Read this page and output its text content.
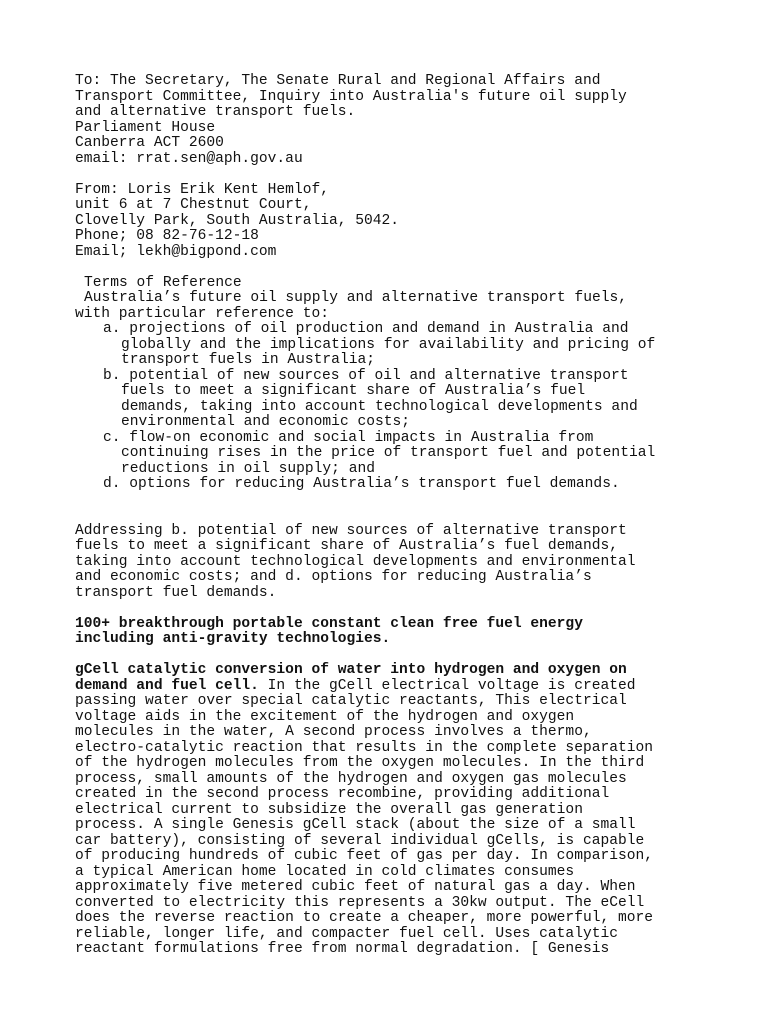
To: The Secretary, The Senate Rural and Regional Affairs and
Transport Committee, Inquiry into Australia's future oil supply
and alternative transport fuels.
Parliament House
Canberra ACT 2600
email: rrat.sen@aph.gov.au
From: Loris Erik Kent Hemlof,
unit 6 at 7 Chestnut Court,
Clovelly Park, South Australia, 5042.
Phone; 08 82-76-12-18
Email; lekh@bigpond.com
Terms of Reference
Australia’s future oil supply and alternative transport fuels,
with particular reference to:
a. projections of oil production and demand in Australia and
globally and the implications for availability and pricing of
transport fuels in Australia;
b. potential of new sources of oil and alternative transport
fuels to meet a significant share of Australia’s fuel
demands, taking into account technological developments and
environmental and economic costs;
c. flow-on economic and social impacts in Australia from
continuing rises in the price of transport fuel and potential
reductions in oil supply; and
d. options for reducing Australia’s transport fuel demands.
Addressing b. potential of new sources of alternative transport
fuels to meet a significant share of Australia’s fuel demands,
taking into account technological developments and environmental
and economic costs; and d. options for reducing Australia’s
transport fuel demands.
100+ breakthrough portable constant clean free fuel energy
including anti-gravity technologies.
gCell catalytic conversion of water into hydrogen and oxygen on
demand and fuel cell. In the gCell electrical voltage is created
passing water over special catalytic reactants, This electrical
voltage aids in the excitement of the hydrogen and oxygen
molecules in the water, A second process involves a thermo,
electro-catalytic reaction that results in the complete separation
of the hydrogen molecules from the oxygen molecules. In the third
process, small amounts of the hydrogen and oxygen gas molecules
created in the second process recombine, providing additional
electrical current to subsidize the overall gas generation
process. A single Genesis gCell stack (about the size of a small
car battery), consisting of several individual gCells, is capable
of producing hundreds of cubic feet of gas per day. In comparison,
a typical American home located in cold climates consumes
approximately five metered cubic feet of natural gas a day. When
converted to electricity this represents a 30kw output. The eCell
does the reverse reaction to create a cheaper, more powerful, more
reliable, longer life, and compacter fuel cell. Uses catalytic
reactant formulations free from normal degradation. [ Genesis
